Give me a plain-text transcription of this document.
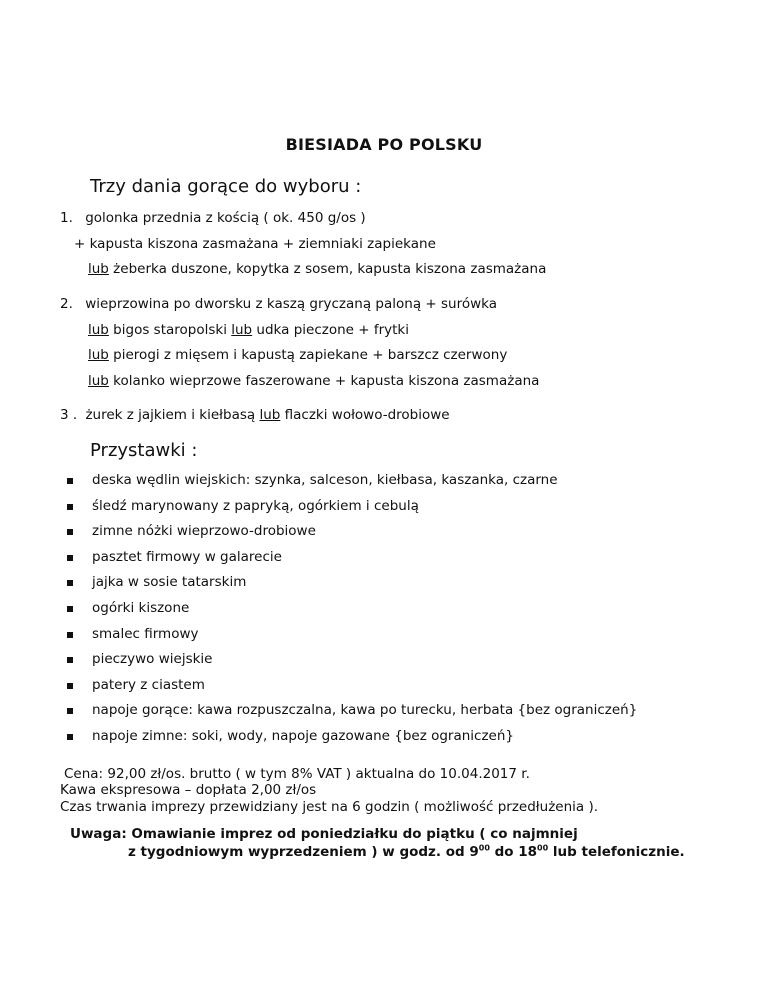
BIESIADA PO POLSKU
Trzy dania gorące do wyboru :
1. golonka przednia z kością ( ok. 450 g/os )
+ kapusta kiszona zasmażana + ziemniaki zapiekane
lub żeberka duszone, kopytka z sosem, kapusta kiszona zasmażana
2. wieprzowina po dworsku z kaszą gryczaną paloną + surówka
lub bigos staropolski lub udka pieczone + frytki
lub pierogi z mięsem i kapustą zapiekane + barszcz czerwony
lub kolanko wieprzowe faszerowane + kapusta kiszona zasmażana
3 . żurek z jajkiem i kiełbasą lub flaczki wołowo-drobiowe
Przystawki :
deska wędlin wiejskich: szynka, salceson, kiełbasa, kaszanka, czarne
śledź marynowany z papryką, ogórkiem i cebulą
zimne nóżki wieprzowo-drobiowe
pasztet firmowy w galarecie
jajka w sosie tatarskim
ogórki kiszone
smalec firmowy
pieczywo wiejskie
patery z ciastem
napoje gorące: kawa rozpuszczalna, kawa po turecku, herbata {bez ograniczeń}
napoje zimne: soki, wody, napoje gazowane {bez ograniczeń}
Cena: 92,00 zł/os. brutto ( w tym 8% VAT ) aktualna do 10.04.2017 r.
Kawa ekspresowa – dopłata 2,00 zł/os
Czas trwania imprezy przewidziany jest na 6 godzin ( możliwość przedłużenia ).
Uwaga: Omawianie imprez od poniedziałku do piątku ( co najmniej
z tygodniowym wyprzedzeniem ) w godz. od $9^{00}$ do $18^{00}$ lub telefonicznie.
